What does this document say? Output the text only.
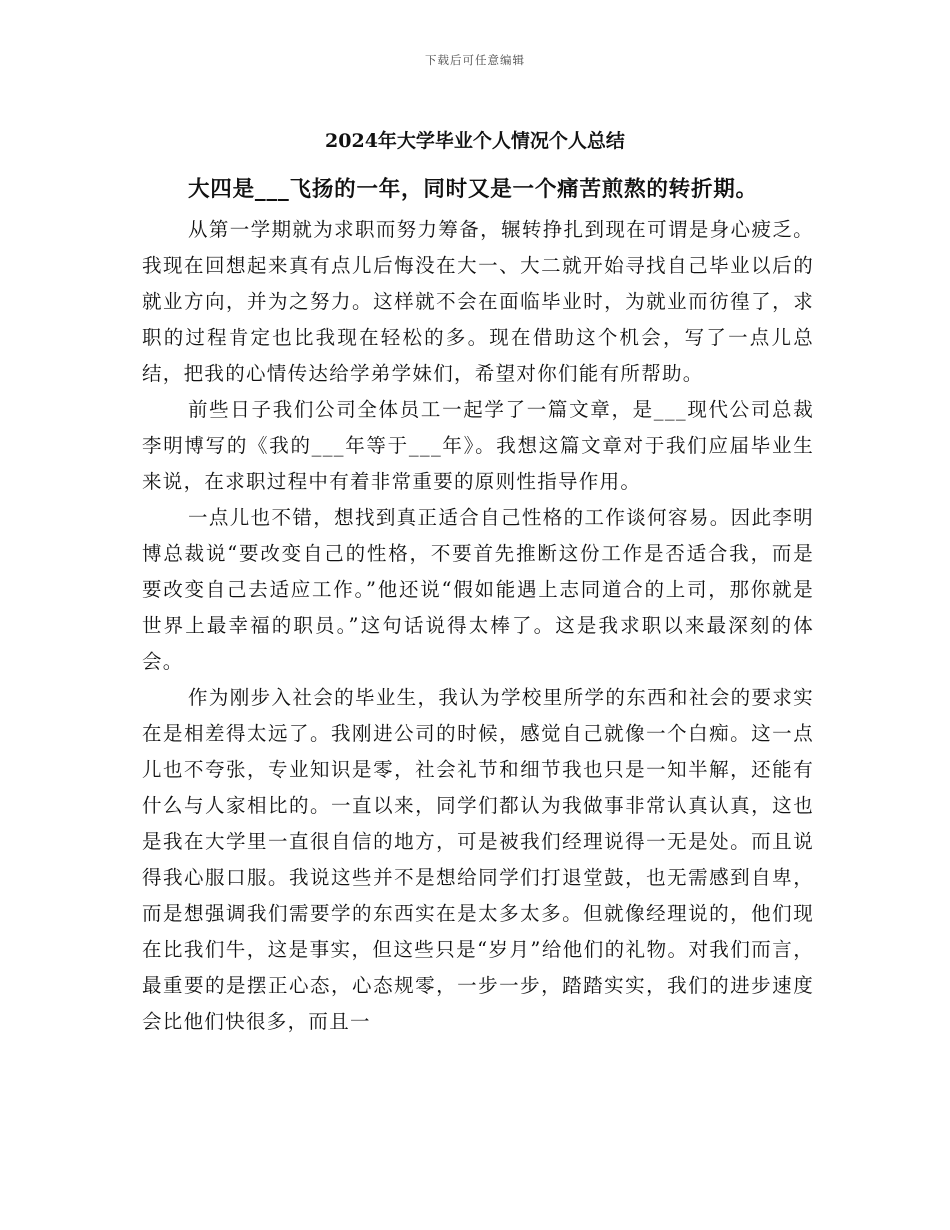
下载后可任意编辑
2024年大学毕业个人情况个人总结
大四是___飞扬的一年，同时又是一个痛苦煎熬的转折期。

从第一学期就为求职而努力筹备，辗转挣扎到现在可谓是身心疲乏。我现在回想起来真有点儿后悔没在大一、大二就开始寻找自己毕业以后的就业方向，并为之努力。这样就不会在面临毕业时，为就业而彷徨了，求职的过程肯定也比我现在轻松的多。现在借助这个机会，写了一点儿总结，把我的心情传达给学弟学妹们，希望对你们能有所帮助。

前些日子我们公司全体员工一起学了一篇文章，是___现代公司总裁李明博写的《我的___年等于___年》。我想这篇文章对于我们应届毕业生来说，在求职过程中有着非常重要的原则性指导作用。

一点儿也不错，想找到真正适合自己性格的工作谈何容易。因此李明博总裁说“要改变自己的性格，不要首先推断这份工作是否适合我，而是要改变自己去适应工作。”他还说“假如能遇上志同道合的上司，那你就是世界上最幸福的职员。”这句话说得太棒了。这是我求职以来最深刻的体会。

作为刚步入社会的毕业生，我认为学校里所学的东西和社会的要求实在是相差得太远了。我刚进公司的时候，感觉自己就像一个白痴。这一点儿也不夸张，专业知识是零，社会礼节和细节我也只是一知半解，还能有什么与人家相比的。一直以来，同学们都认为我做事非常认真认真，这也是我在大学里一直很自信的地方，可是被我们经理说得一无是处。而且说得我心服口服。我说这些并不是想给同学们打退堂鼓，也无需感到自卑，而是想强调我们需要学的东西实在是太多太多。但就像经理说的，他们现在比我们牛，这是事实，但这些只是“岁月”给他们的礼物。对我们而言，最重要的是摆正心态，心态规零，一步一步，踏踏实实，我们的进步速度会比他们快很多，而且一
